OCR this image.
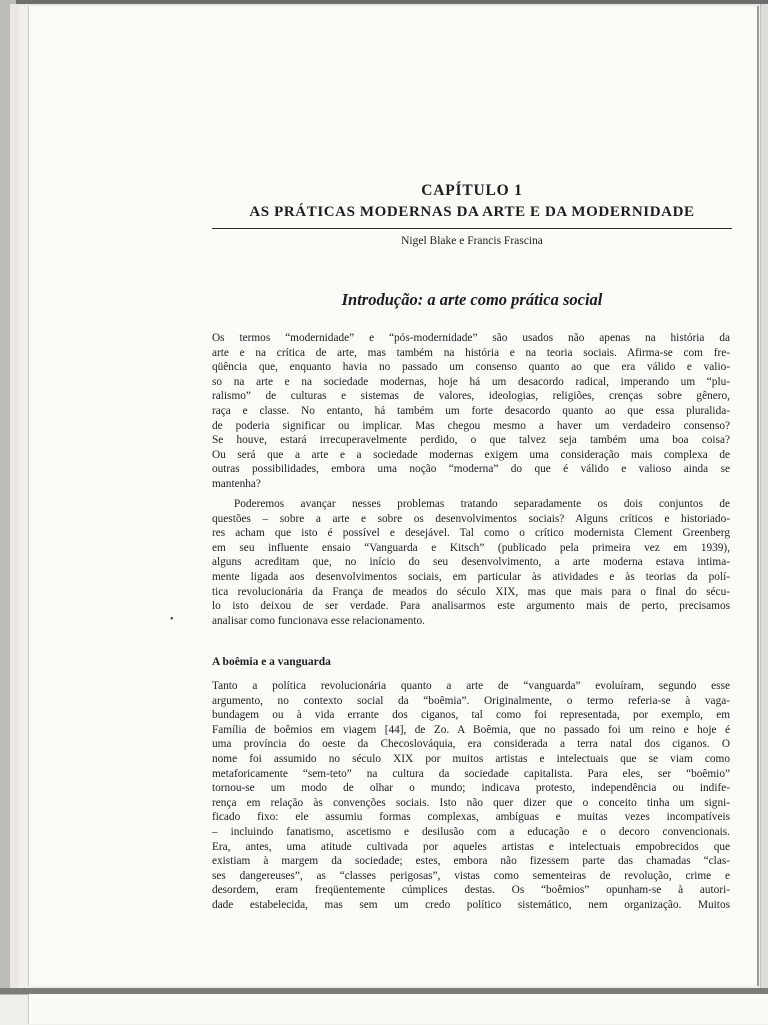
CAPÍTULO 1
AS PRÁTICAS MODERNAS DA ARTE E DA MODERNIDADE

Nigel Blake e Francis Frascina

Introdução: a arte como prática social

Os termos “modernidade” e “pós-modernidade” são usados não apenas na história da
arte e na crítica de arte, mas também na história e na teoria sociais. Afirma-se com fre-
qüência que, enquanto havia no passado um consenso quanto ao que era válido e valio-
so na arte e na sociedade modernas, hoje há um desacordo radical, imperando um “plu-
ralismo” de culturas e sistemas de valores, ideologias, religiões, crenças sobre gênero,
raça e classe. No entanto, há também um forte desacordo quanto ao que essa pluralida-
de poderia significar ou implicar. Mas chegou mesmo a haver um verdadeiro consenso?
Se houve, estará irrecuperavelmente perdido, o que talvez seja também uma boa coisa?
Ou será que a arte e a sociedade modernas exigem uma consideração mais complexa de
outras possibilidades, embora uma noção “moderna” do que é válido e valioso ainda se
mantenha?

Poderemos avançar nesses problemas tratando separadamente os dois conjuntos de
questões – sobre a arte e sobre os desenvolvimentos sociais? Alguns críticos e historiado-
res acham que isto é possível e desejável. Tal como o crítico modernista Clement Greenberg
em seu influente ensaio “Vanguarda e Kitsch” (publicado pela primeira vez em 1939),
alguns acreditam que, no início do seu desenvolvimento, a arte moderna estava intima-
mente ligada aos desenvolvimentos sociais, em particular às atividades e às teorias da polí-
tica revolucionária da França de meados do século XIX, mas que mais para o final do sécu-
lo isto deixou de ser verdade. Para analisarmos este argumento mais de perto, precisamos
analisar como funcionava esse relacionamento.

A boêmia e a vanguarda

Tanto a política revolucionária quanto a arte de “vanguarda” evoluíram, segundo esse
argumento, no contexto social da “boêmia”. Originalmente, o termo referia-se à vaga-
bundagem ou à vida errante dos ciganos, tal como foi representada, por exemplo, em
Família de boêmios em viagem [44], de Zo. A Boêmia, que no passado foi um reino e hoje é
uma província do oeste da Checoslováquia, era considerada a terra natal dos ciganos. O
nome foi assumido no século XIX por muitos artistas e intelectuais que se viam como
metaforicamente “sem-teto” na cultura da sociedade capitalista. Para eles, ser “boêmio”
tornou-se um modo de olhar o mundo; indicava protesto, independência ou indife-
rença em relação às convenções sociais. Isto não quer dizer que o conceito tinha um signi-
ficado fixo: ele assumiu formas complexas, ambíguas e muitas vezes incompatíveis
– incluindo fanatismo, ascetismo e desilusão com a educação e o decoro convencionais.
Era, antes, uma atitude cultivada por aqueles artistas e intelectuais empobrecidos que
existiam à margem da sociedade; estes, embora não fizessem parte das chamadas “clas-
ses dangereuses”, as “classes perigosas”, vistas como sementeiras de revolução, crime e
desordem, eram freqüentemente cúmplices destas. Os “boêmios” opunham-se à autori-
dade estabelecida, mas sem um credo político sistemático, nem organização. Muitos

•
